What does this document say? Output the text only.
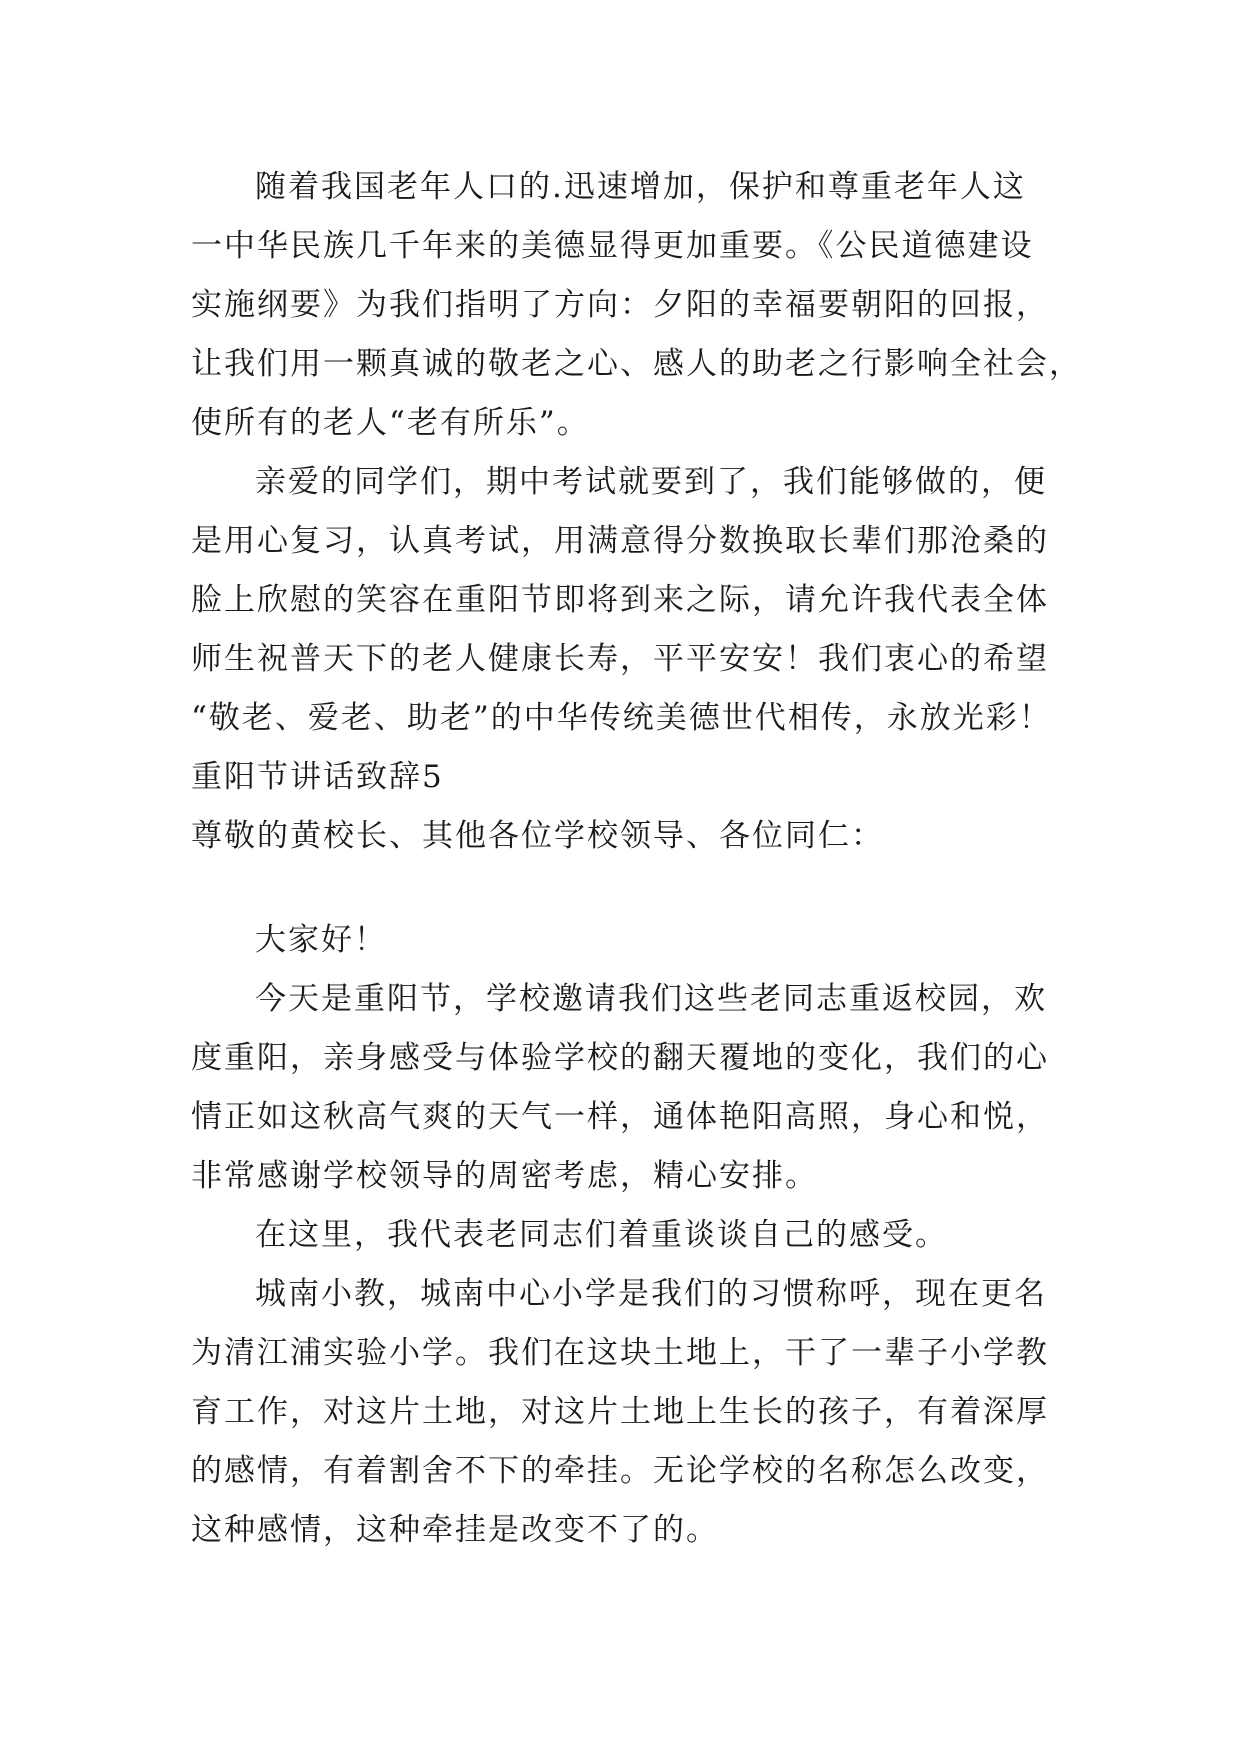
随着我国老年人口的.迅速增加，保护和尊重老年人这
一中华民族几千年来的美德显得更加重要。《公民道德建设
实施纲要》为我们指明了方向：夕阳的幸福要朝阳的回报，
让我们用一颗真诚的敬老之心、感人的助老之行影响全社会，
使所有的老人“老有所乐”。
亲爱的同学们，期中考试就要到了，我们能够做的，便
是用心复习，认真考试，用满意得分数换取长辈们那沧桑的
脸上欣慰的笑容在重阳节即将到来之际，请允许我代表全体
师生祝普天下的老人健康长寿，平平安安！我们衷心的希望
“敬老、爱老、助老”的中华传统美德世代相传，永放光彩！
重阳节讲话致辞5
尊敬的黄校长、其他各位学校领导、各位同仁：
大家好！
今天是重阳节，学校邀请我们这些老同志重返校园，欢
度重阳，亲身感受与体验学校的翻天覆地的变化，我们的心
情正如这秋高气爽的天气一样，通体艳阳高照，身心和悦，
非常感谢学校领导的周密考虑，精心安排。
在这里，我代表老同志们着重谈谈自己的感受。
城南小教，城南中心小学是我们的习惯称呼，现在更名
为清江浦实验小学。我们在这块土地上，干了一辈子小学教
育工作，对这片土地，对这片土地上生长的孩子，有着深厚
的感情，有着割舍不下的牵挂。无论学校的名称怎么改变，
这种感情，这种牵挂是改变不了的。
